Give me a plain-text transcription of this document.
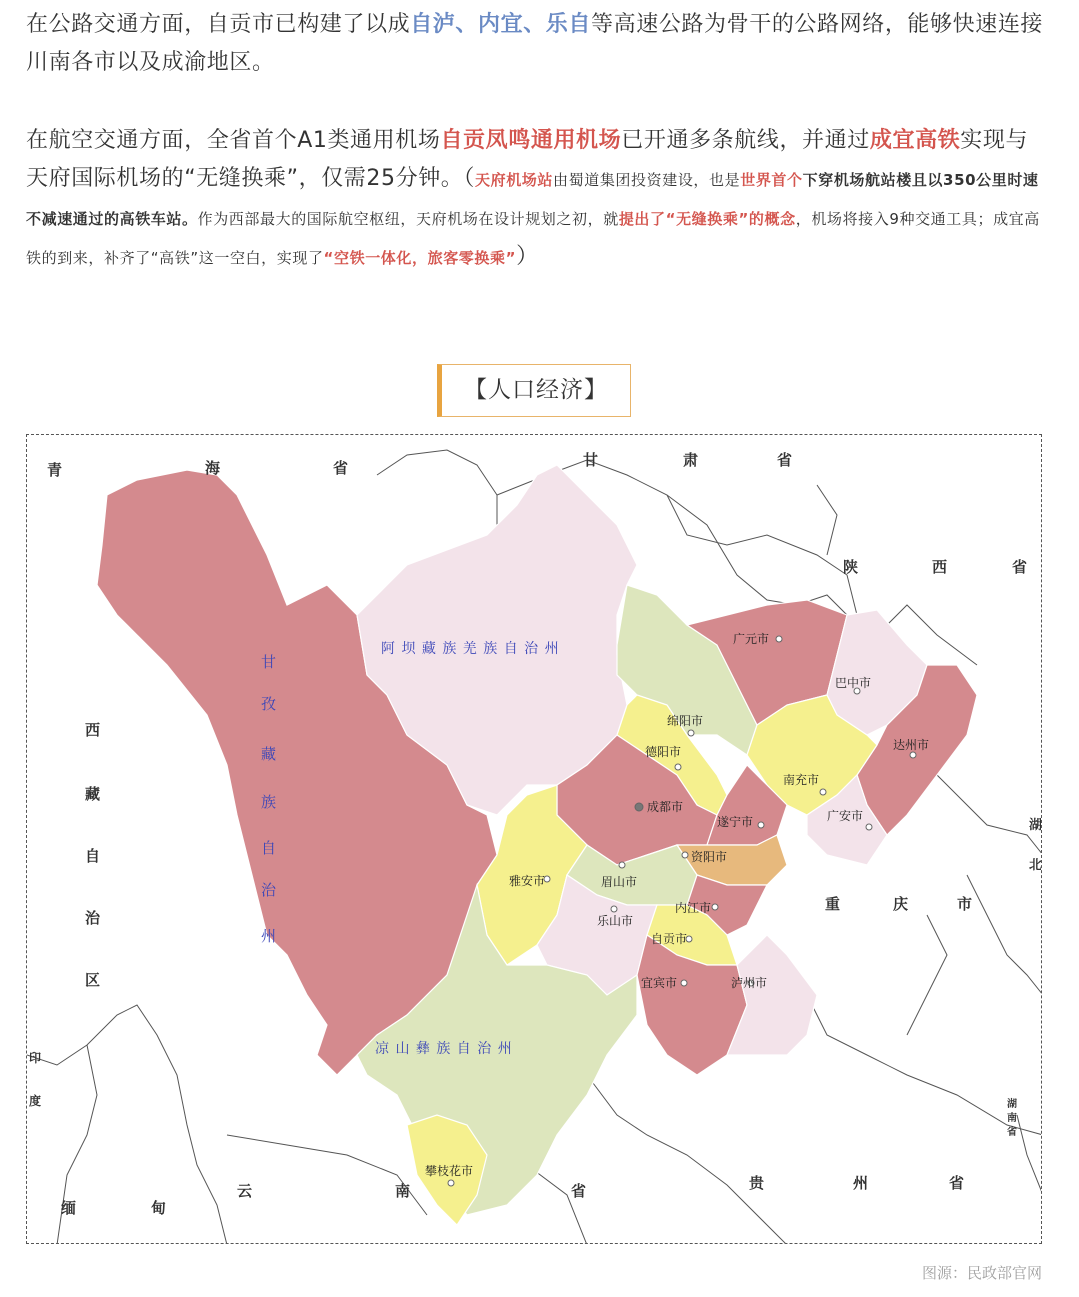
在公路交通方面，自贡市已构建了以成自泸、内宜、乐自等高速公路为骨干的公路网络，能够快速连接川南各市以及成渝地区。
在航空交通方面，全省首个A1类通用机场自贡凤鸣通用机场已开通多条航线，并通过成宜高铁实现与天府国际机场的“无缝换乘”，仅需25分钟。（天府机场站由蜀道集团投资建设，也是世界首个下穿机场航站楼且以350公里时速不减速通过的高铁车站。作为西部最大的国际航空枢纽，天府机场在设计规划之初，就提出了“无缝换乘”的概念，机场将接入9种交通工具；成宜高铁的到来，补齐了“高铁”这一空白，实现了“空铁一体化，旅客零换乘”）
【人口经济】
青	海	省	甘	肃	省
陕	西	省
西
藏
自
治
区
重	庆	市
贵	州	省
云	南	省
缅	甸
印
度
湖
北
湖
南
省
甘
孜
藏
族
自
治
州
阿 坝 藏 族 羌 族 自 治 州
凉 山 彝 族 自 治 州
广元市
巴中市
绵阳市
德阳市	达州市
南充市
成都市
遂宁市	广安市
资阳市
雅安市	眉山市
内江市
乐山市
自贡市
宜宾市	泸州市
攀枝花市
图源：民政部官网
